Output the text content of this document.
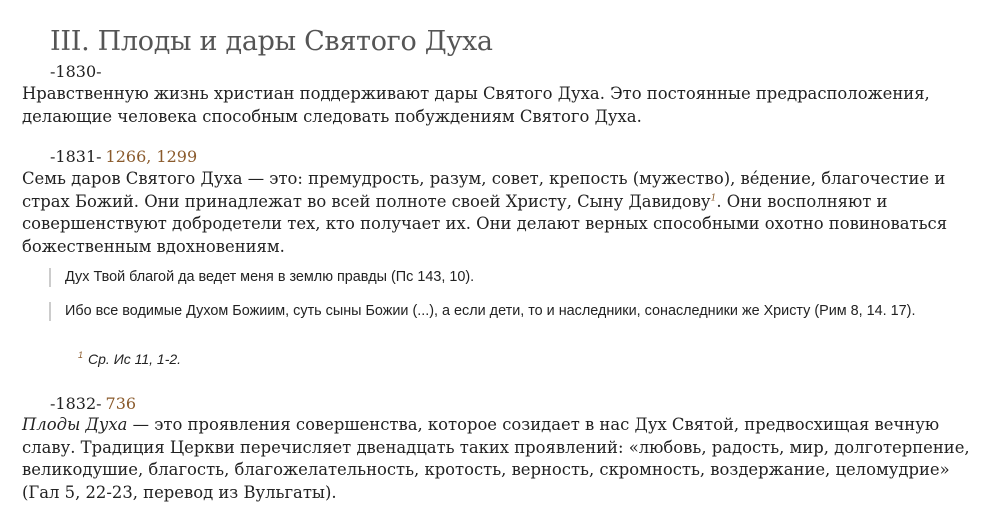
III. Плоды и дары Святого Духа
-1830-
Нравственную жизнь христиан поддерживают дары Святого Духа. Это постоянные предрасположения, делающие человека способным следовать побуждениям Святого Духа.
-1831- 1266, 1299
Семь даров Святого Духа — это: премудрость, разум, совет, крепость (мужество), ве́дение, благочестие и страх Божий. Они принадлежат во всей полноте своей Христу, Сыну Давидову$^1$. Они восполняют и совершенствуют добродетели тех, кто получает их. Они делают верных способными охотно повиноваться божественным вдохновениям.
Дух Твой благой да ведет меня в землю правды (Пс 143, 10).
Ибо все водимые Духом Божиим, суть сыны Божии (...), а если дети, то и наследники, сонаследники же Христу (Рим 8, 14. 17).
$^1$ Ср. Ис 11, 1-2.
-1832- 736
Плоды Духа — это проявления совершенства, которое созидает в нас Дух Святой, предвосхищая вечную славу. Традиция Церкви перечисляет двенадцать таких проявлений: «любовь, радость, мир, долготерпение, великодушие, благость, благожелательность, кротость, верность, скромность, воздержание, целомудрие» (Гал 5, 22-23, перевод из Вульгаты).
